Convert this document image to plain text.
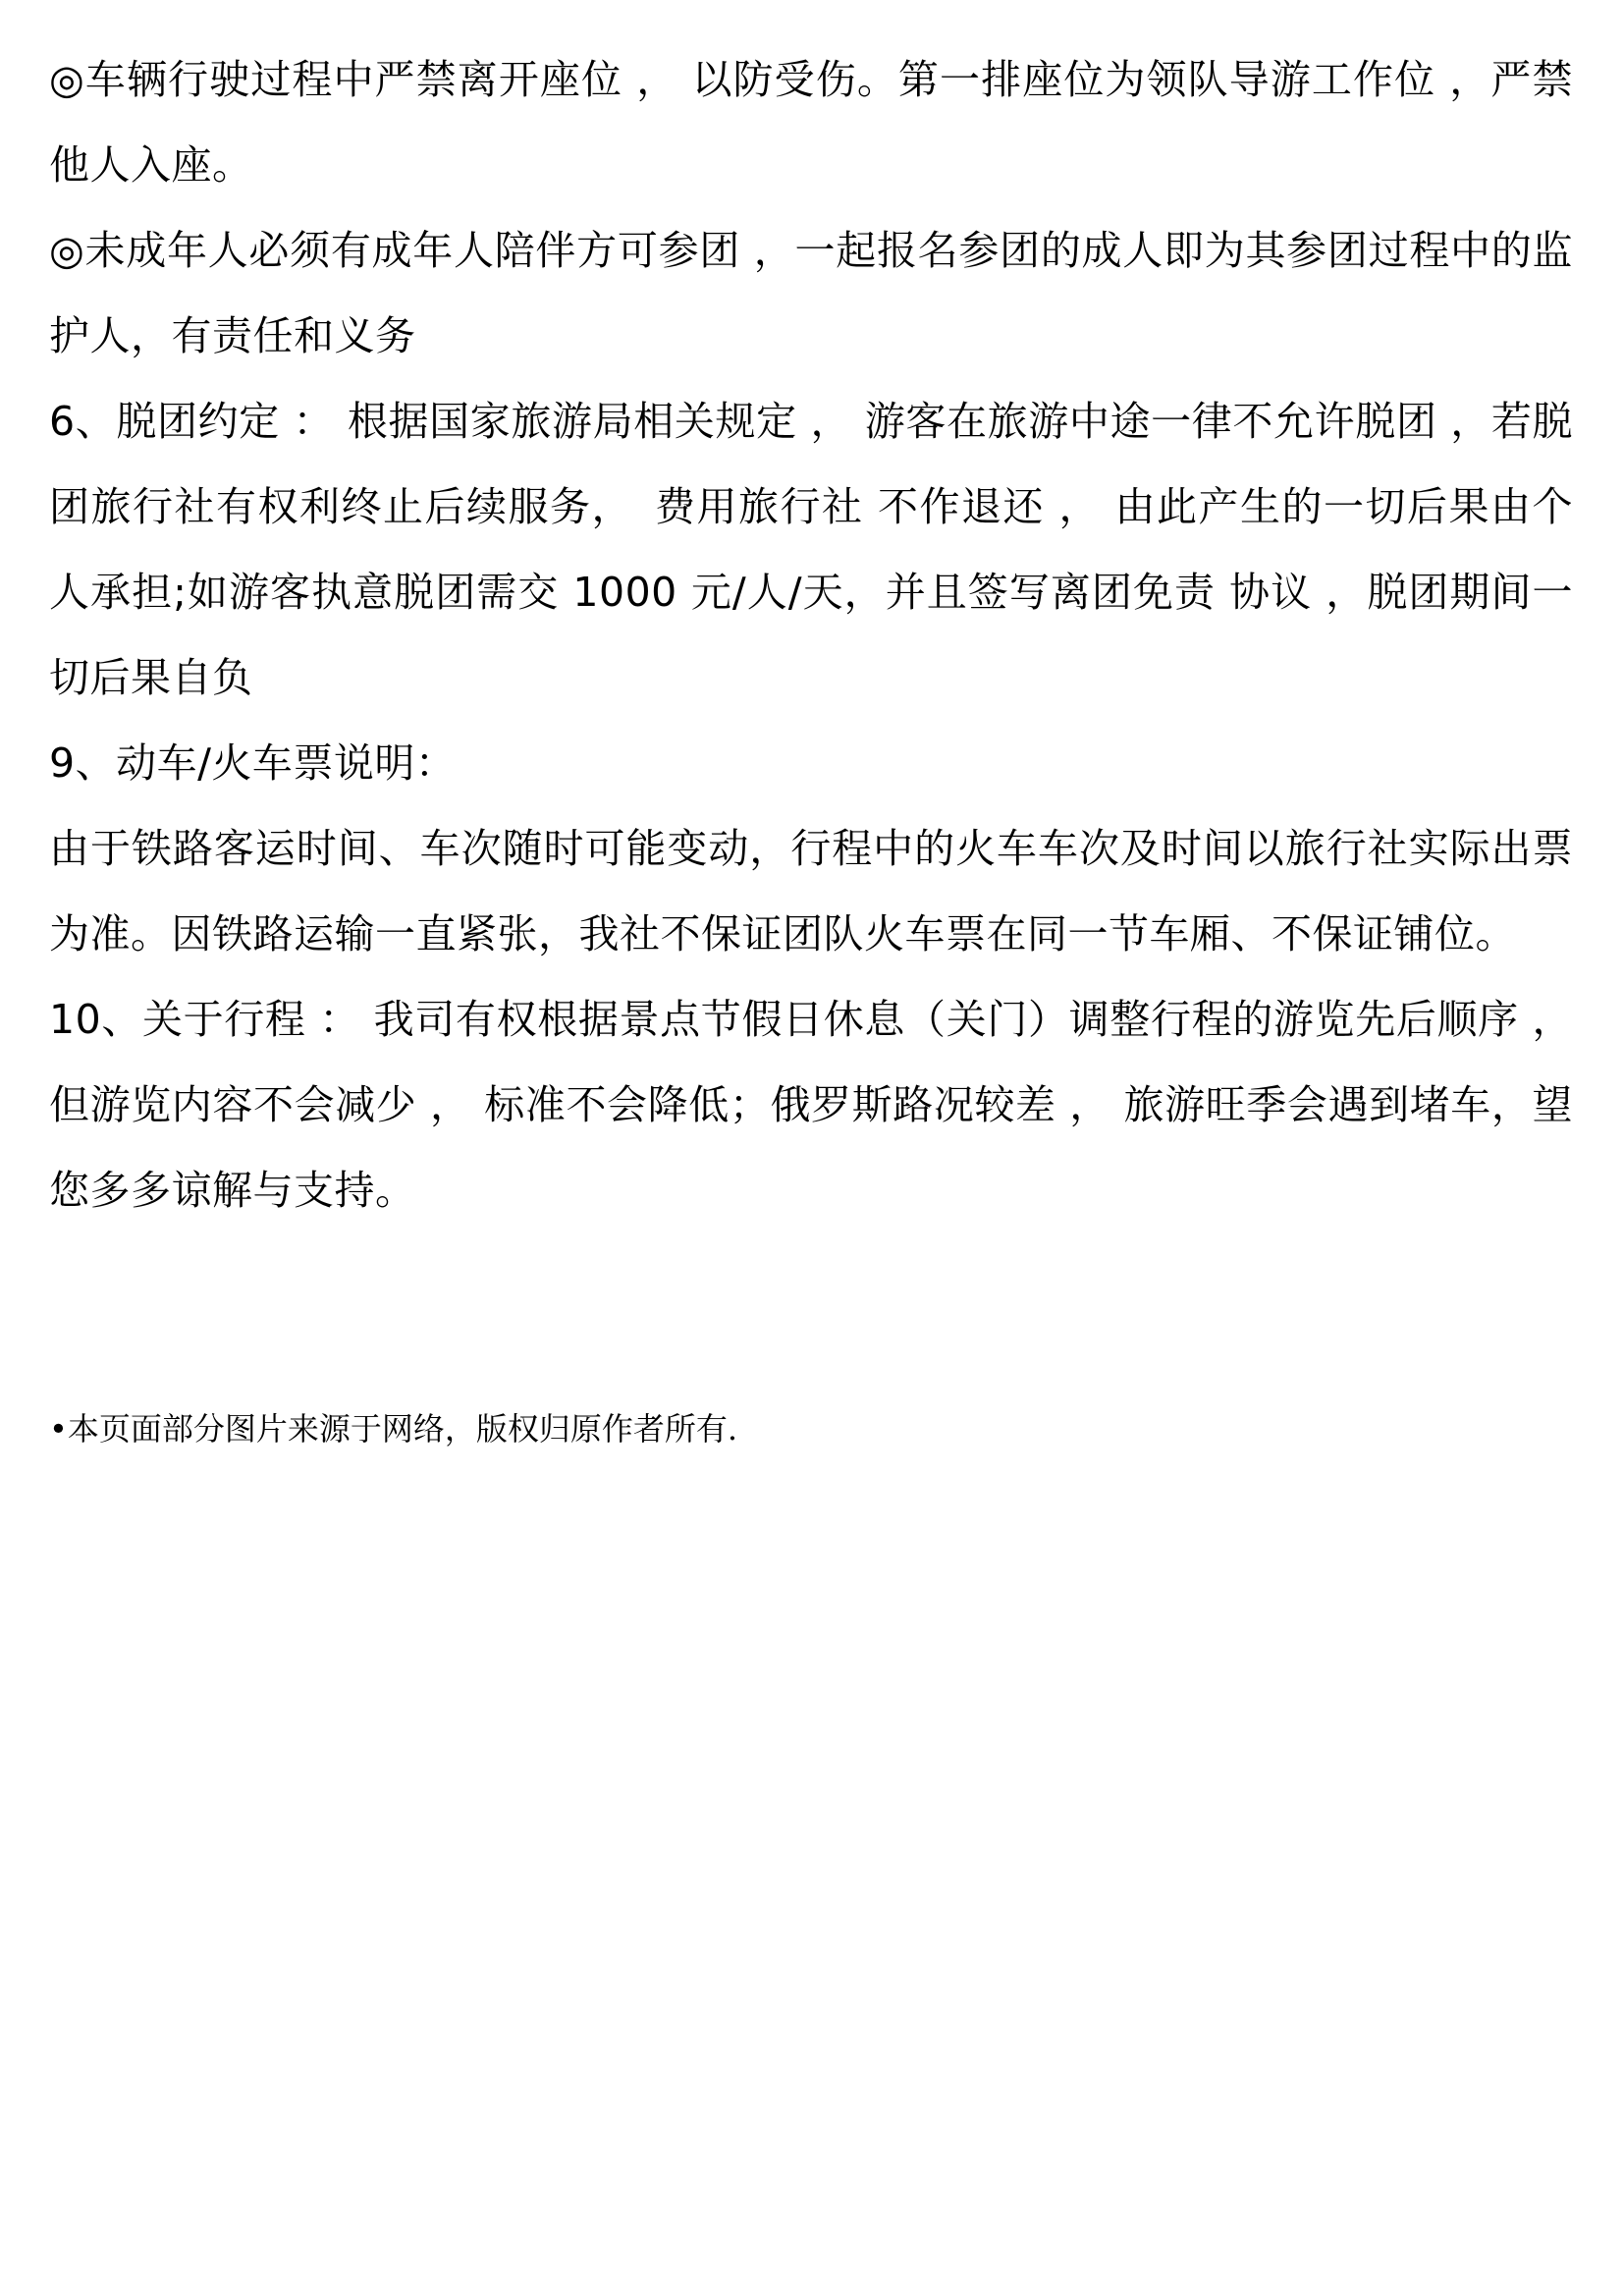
◎车辆行驶过程中严禁离开座位 ， 以防受伤。第一排座位为领队导游工作位 ，严禁他人入座。

◎未成年人必须有成年人陪伴方可参团 ，一起报名参团的成人即为其参团过程中的监护人，有责任和义务

6、脱团约定 ： 根据国家旅游局相关规定 ， 游客在旅游中途一律不允许脱团 ，若脱团旅行社有权利终止后续服务，　费用旅行社 不作退还 ， 由此产生的一切后果由个人承担;如游客执意脱团需交 1000 元/人/天，并且签写离团免责 协议 ，脱团期间一切后果自负

9、动车/火车票说明：

由于铁路客运时间、车次随时可能变动，行程中的火车车次及时间以旅行社实际出票为准。因铁路运输一直紧张，我社不保证团队火车票在同一节车厢、不保证铺位。

10、关于行程 ： 我司有权根据景点节假日休息（关门）调整行程的游览先后顺序 ， 但游览内容不会减少 ， 标准不会降低；俄罗斯路况较差 ， 旅游旺季会遇到堵车，望您多多谅解与支持。

•本页面部分图片来源于网络，版权归原作者所有.
